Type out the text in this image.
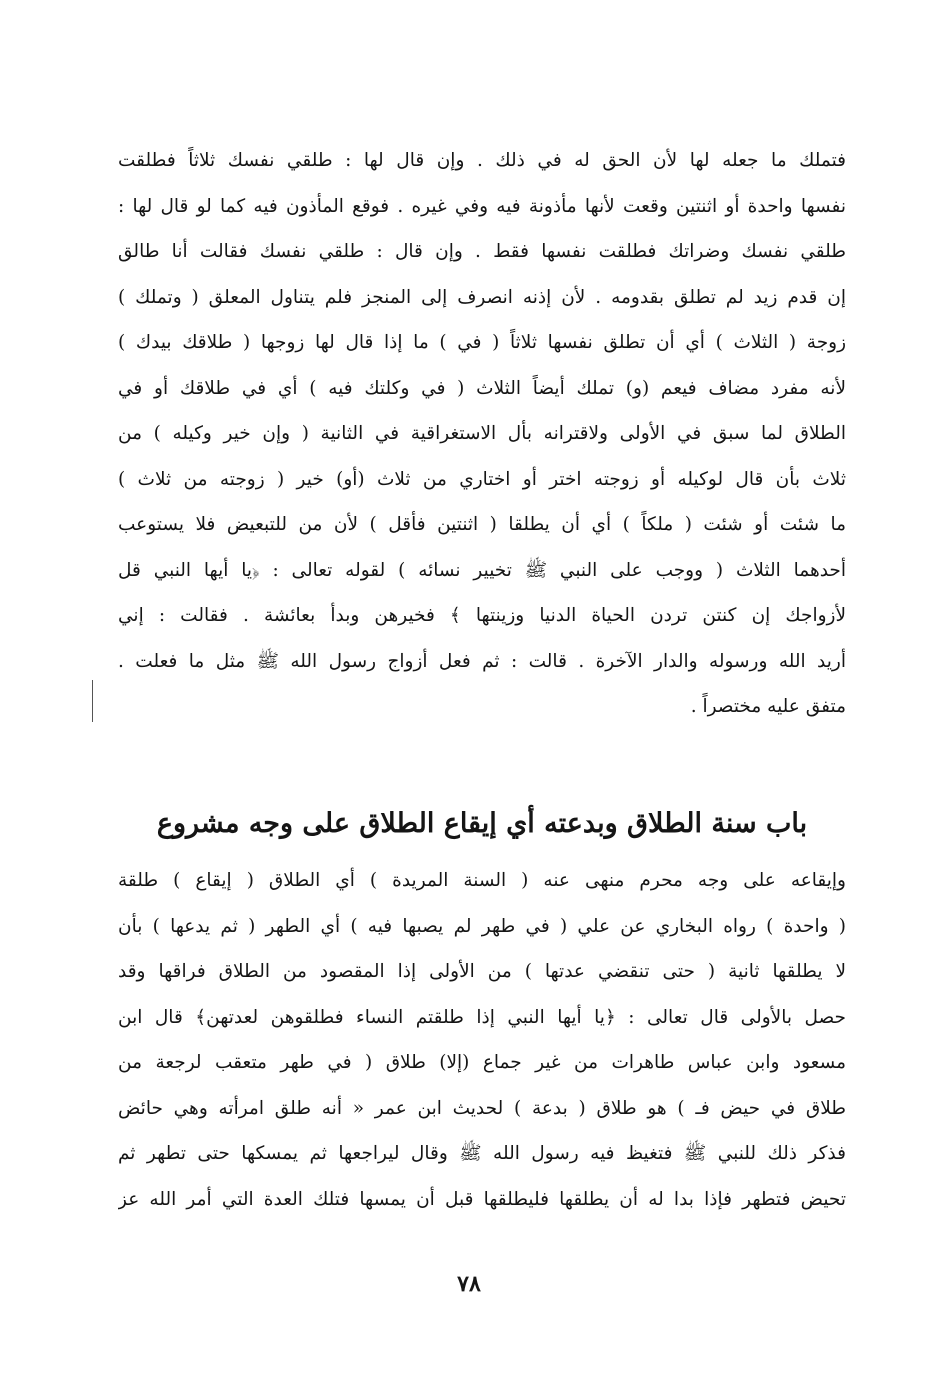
فتملك ما جعله لها لأن الحق له في ذلك . وإن قال لها : طلقي نفسك ثلاثاً فطلقت
نفسها واحدة أو اثنتين وقعت لأنها مأذونة فيه وفي غيره . فوقع المأذون فيه كما لو قال لها :
طلقي نفسك وضراتك فطلقت نفسها فقط . وإن قال : طلقي نفسك فقالت أنا طالق
إن قدم زيد لم تطلق بقدومه . لأن إذنه انصرف إلى المنجز فلم يتناول المعلق ( وتملك )
زوجة ( الثلاث ) أي أن تطلق نفسها ثلاثاً ( في ) ما إذا قال لها زوجها ( طلاقك بيدك )
لأنه مفرد مضاف فيعم (و) تملك أيضاً الثلاث ( في وكلتك فيه ) أي في طلاقك أو في
الطلاق لما سبق في الأولى ولاقترانه بأل الاستغراقية في الثانية ( وإن خير وكيله ) من
ثلاث بأن قال لوكيله أو زوجته اختر أو اختاري من ثلاث (أو) خير ( زوجته من ثلاث )
ما شئت أو شئت ( ملكاً ) أي أن يطلقا ( اثنتين فأقل ) لأن من للتبعيض فلا يستوعب
أحدهما الثلاث ( ووجب على النبي ﷺ تخيير نسائه ) لقوله تعالى : ﴿يا أيها النبي قل
لأزواجك إن كنتن تردن الحياة الدنيا وزينتها ﴾ فخيرهن وبدأ بعائشة . فقالت : إني
أريد الله ورسوله والدار الآخرة . قالت : ثم فعل أزواج رسول الله ﷺ مثل ما فعلت .
متفق عليه مختصراً .
باب سنة الطلاق وبدعته أي إيقاع الطلاق على وجه مشروع
وإيقاعه على وجه محرم منهى عنه ( السنة المريدة ) أي الطلاق ( إيقاع ) طلقة
( واحدة ) رواه البخاري عن علي ( في طهر لم يصبها فيه ) أي الطهر ( ثم يدعها ) بأن
لا يطلقها ثانية ( حتى تنقضي عدتها ) من الأولى إذا المقصود من الطلاق فراقها وقد
حصل بالأولى قال تعالى : ﴿يا أيها النبي إذا طلقتم النساء فطلقوهن لعدتهن﴾ قال ابن
مسعود وابن عباس طاهرات من غير جماع (إلا) طلاق ( في طهر متعقب لرجعة من
طلاق في حيض فـ ) هو طلاق ( بدعة ) لحديث ابن عمر « أنه طلق امرأته وهي حائض
فذكر ذلك للنبي ﷺ فتغيظ فيه رسول الله ﷺ وقال ليراجعها ثم يمسكها حتى تطهر ثم
تحيض فتطهر فإذا بدا له أن يطلقها فليطلقها قبل أن يمسها فتلك العدة التي أمر الله عز
٧٨
